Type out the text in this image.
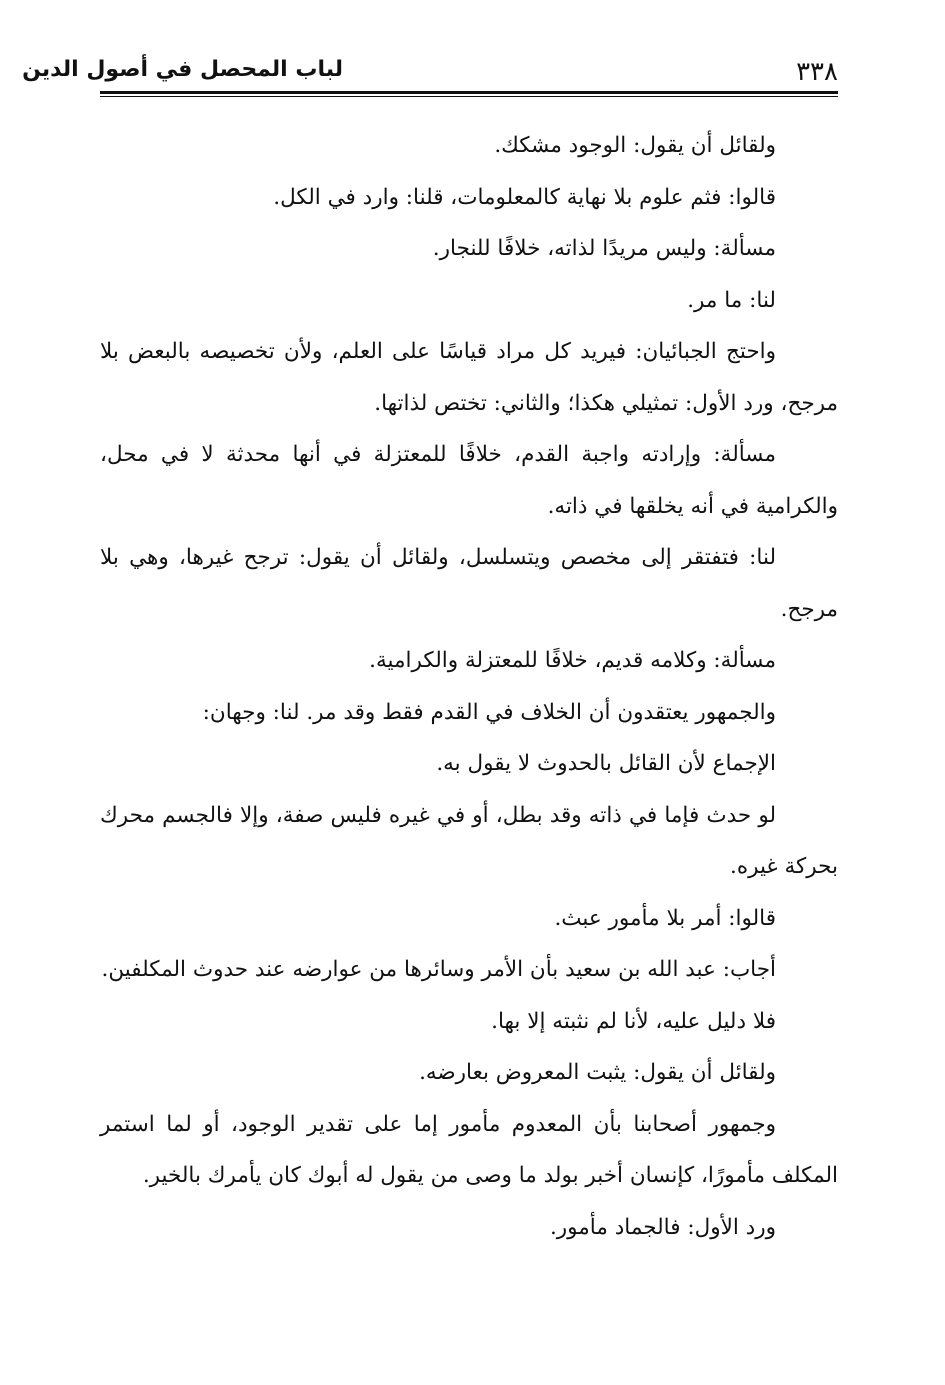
٣٣٨
لباب المحصل في أصول الدين

ولقائل أن يقول: الوجود مشكك.

قالوا: فثم علوم بلا نهاية كالمعلومات، قلنا: وارد في الكل.

مسألة: وليس مريدًا لذاته، خلافًا للنجار.

لنا: ما مر.

واحتج الجبائيان: فيريد كل مراد قياسًا على العلم، ولأن تخصيصه بالبعض بلا مرجح، ورد الأول: تمثيلي هكذا؛ والثاني: تختص لذاتها.

مسألة: وإرادته واجبة القدم، خلافًا للمعتزلة في أنها محدثة لا في محل، والكرامية في أنه يخلقها في ذاته.

لنا: فتفتقر إلى مخصص ويتسلسل، ولقائل أن يقول: ترجح غيرها، وهي بلا مرجح.

مسألة: وكلامه قديم، خلافًا للمعتزلة والكرامية.

والجمهور يعتقدون أن الخلاف في القدم فقط وقد مر. لنا: وجهان:

الإجماع لأن القائل بالحدوث لا يقول به.

لو حدث فإما في ذاته وقد بطل، أو في غيره فليس صفة، وإلا فالجسم محرك بحركة غيره.

قالوا: أمر بلا مأمور عبث.

أجاب: عبد الله بن سعيد بأن الأمر وسائرها من عوارضه عند حدوث المكلفين.

فلا دليل عليه، لأنا لم نثبته إلا بها.

ولقائل أن يقول: يثبت المعروض بعارضه.

وجمهور أصحابنا بأن المعدوم مأمور إما على تقدير الوجود، أو لما استمر المكلف مأمورًا، كإنسان أخبر بولد ما وصى من يقول له أبوك كان يأمرك بالخير.

ورد الأول: فالجماد مأمور.
